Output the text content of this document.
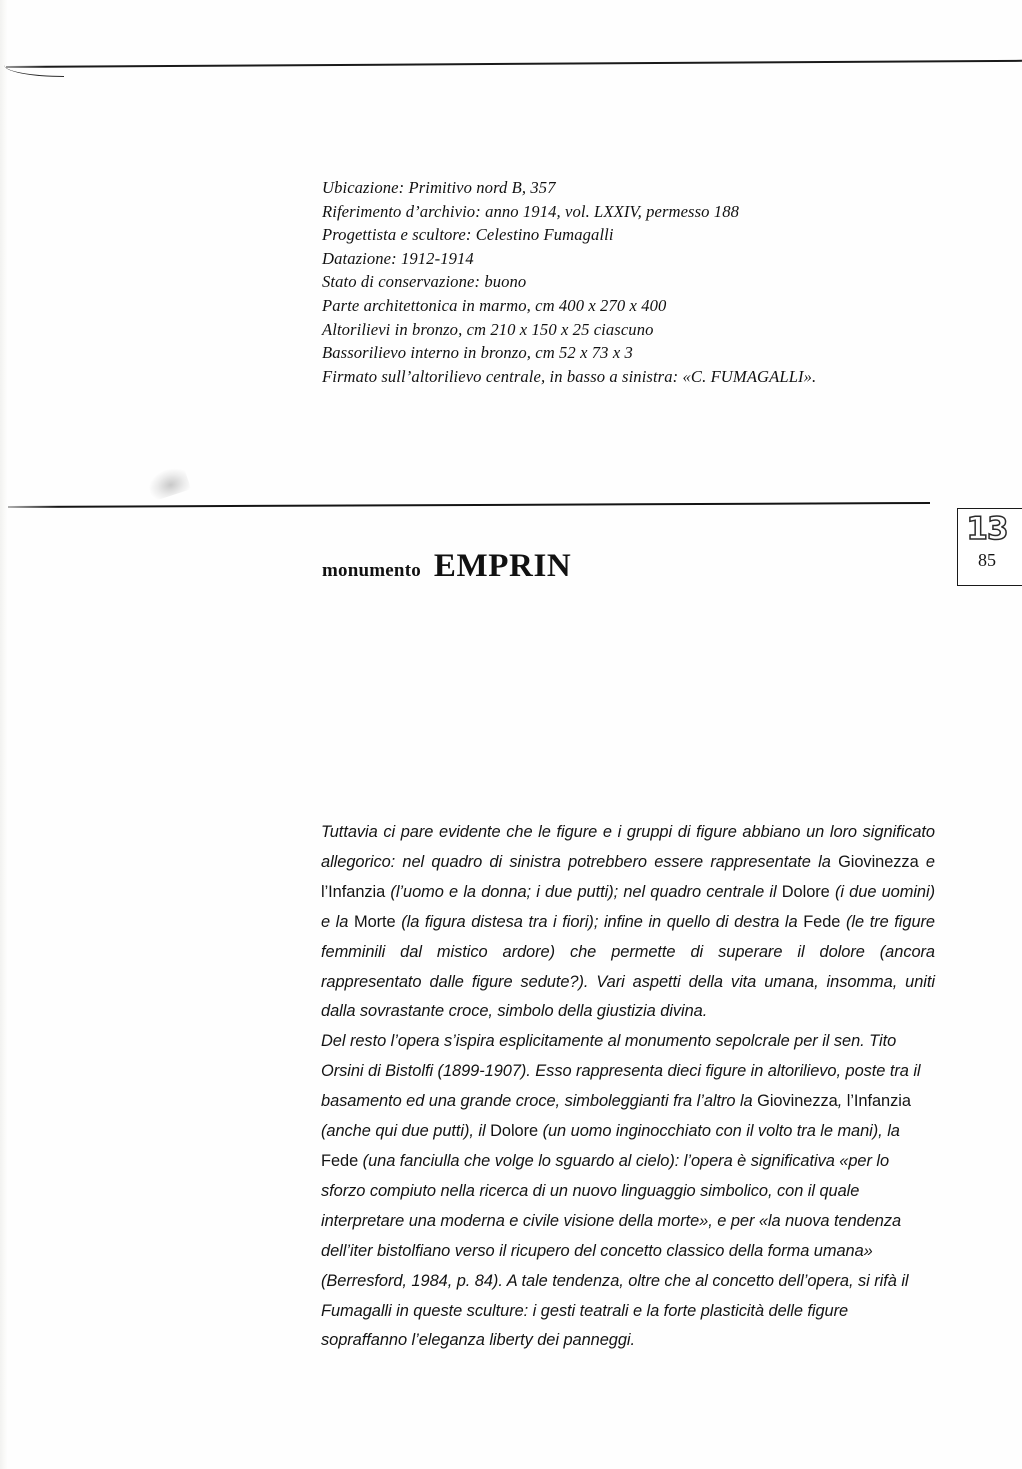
Ubicazione: Primitivo nord B, 357
Riferimento d’archivio: anno 1914, vol. LXXIV, permesso 188
Progettista e scultore: Celestino Fumagalli
Datazione: 1912-1914
Stato di conservazione: buono
Parte architettonica in marmo, cm 400 x 270 x 400
Altorilievi in bronzo, cm 210 x 150 x 25 ciascuno
Bassorilievo interno in bronzo, cm 52 x 73 x 3
Firmato sull’altorilievo centrale, in basso a sinistra: «C. FUMAGALLI».
monumento EMPRIN
13
85

Tuttavia ci pare evidente che le figure e i gruppi di figure abbiano un loro significato allegorico: nel quadro di sinistra potrebbero essere rappresentate la Giovinezza e l’Infanzia (l’uomo e la donna; i due putti); nel quadro centrale il Dolore (i due uomini) e la Morte (la figura distesa tra i fiori); infine in quello di destra la Fede (le tre figure femminili dal mistico ardore) che permette di superare il dolore (ancora rappresentato dalle figure sedute?). Vari aspetti della vita umana, insomma, uniti dalla sovrastante croce, simbolo della giustizia divina.

Del resto l’opera s’ispira esplicitamente al monumento sepolcrale per il sen. Tito Orsini di Bistolfi (1899-1907). Esso rappresenta dieci figure in altorilievo, poste tra il basamento ed una grande croce, simboleggianti fra l’altro la Giovinezza, l’Infanzia (anche qui due putti), il Dolore (un uomo inginocchiato con il volto tra le mani), la Fede (una fanciulla che volge lo sguardo al cielo): l’opera è significativa «per lo sforzo compiuto nella ricerca di un nuovo linguaggio simbolico, con il quale interpretare una moderna e civile visione della morte», e per «la nuova tendenza dell’iter bistolfiano verso il ricupero del concetto classico della forma umana» (Berresford, 1984, p. 84). A tale tendenza, oltre che al concetto dell’opera, si rifà il Fumagalli in queste sculture: i gesti teatrali e la forte plasticità delle figure sopraffanno l’eleganza liberty dei panneggi.
